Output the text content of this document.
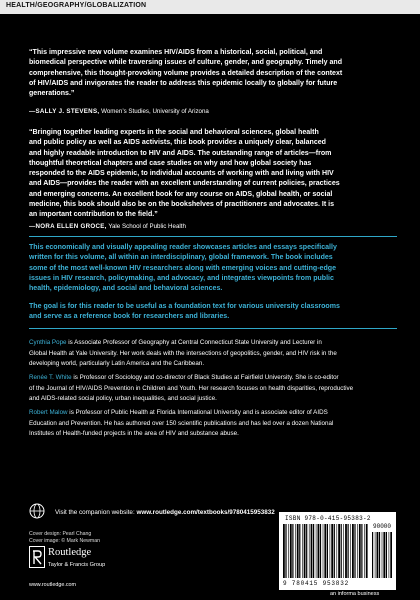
HEALTH/GEOGRAPHY/GLOBALIZATION
“This impressive new volume examines HIV/AIDS from a historical, social, political, and
biomedical perspective while traversing issues of culture, gender, and geography. Timely and
comprehensive, this thought-provoking volume provides a detailed description of the context
of HIV/AIDS and invigorates the reader to address this epidemic locally to globally for future
generations.”
—SALLY J. STEVENS, Women’s Studies, University of Arizona
“Bringing together leading experts in the social and behavioral sciences, global health
and public policy as well as AIDS activists, this book provides a uniquely clear, balanced
and highly readable introduction to HIV and AIDS. The outstanding range of articles—from
thoughtful theoretical chapters and case studies on why and how global society has
responded to the AIDS epidemic, to individual accounts of working with and living with HIV
and AIDS—provides the reader with an excellent understanding of current policies, practices
and emerging concerns. An excellent book for any course on AIDS, global health, or social
medicine, this book should also be on the bookshelves of practitioners and advocates. It is
an important contribution to the field.”
—NORA ELLEN GROCE, Yale School of Public Health
This economically and visually appealing reader showcases articles and essays specifically
written for this volume, all within an interdisciplinary, global framework. The book includes
some of the most well-known HIV researchers along with emerging voices and cutting-edge
issues in HIV research, policymaking, and advocacy, and integrates viewpoints from public
health, epidemiology, and social and behavioral sciences.
The goal is for this reader to be useful as a foundation text for various university classrooms
and serve as a reference book for researchers and libraries.
Cynthia Pope is Associate Professor of Geography at Central Connecticut State University and Lecturer in
Global Health at Yale University. Her work deals with the intersections of geopolitics, gender, and HIV risk in the
developing world, particularly Latin America and the Caribbean.
Renée T. White is Professor of Sociology and co-director of Black Studies at Fairfield University. She is co-editor
of the Journal of HIV/AIDS Prevention in Children and Youth. Her research focuses on health disparities, reproductive
and AIDS-related social policy, urban inequalities, and social justice.
Robert Malow is Professor of Public Health at Florida International University and is associate editor of AIDS
Education and Prevention. He has authored over 150 scientific publications and has led over a dozen National
Institutes of Health-funded projects in the area of HIV and substance abuse.
Visit the companion website: www.routledge.com/textbooks/9780415953832
Cover design: Pearl Chang
Cover image: © Mark Newman
Routledge
Taylor & Francis Group
www.routledge.com
ISBN 978-0-415-95383-2
90000
9 780415 953832
an informa business
